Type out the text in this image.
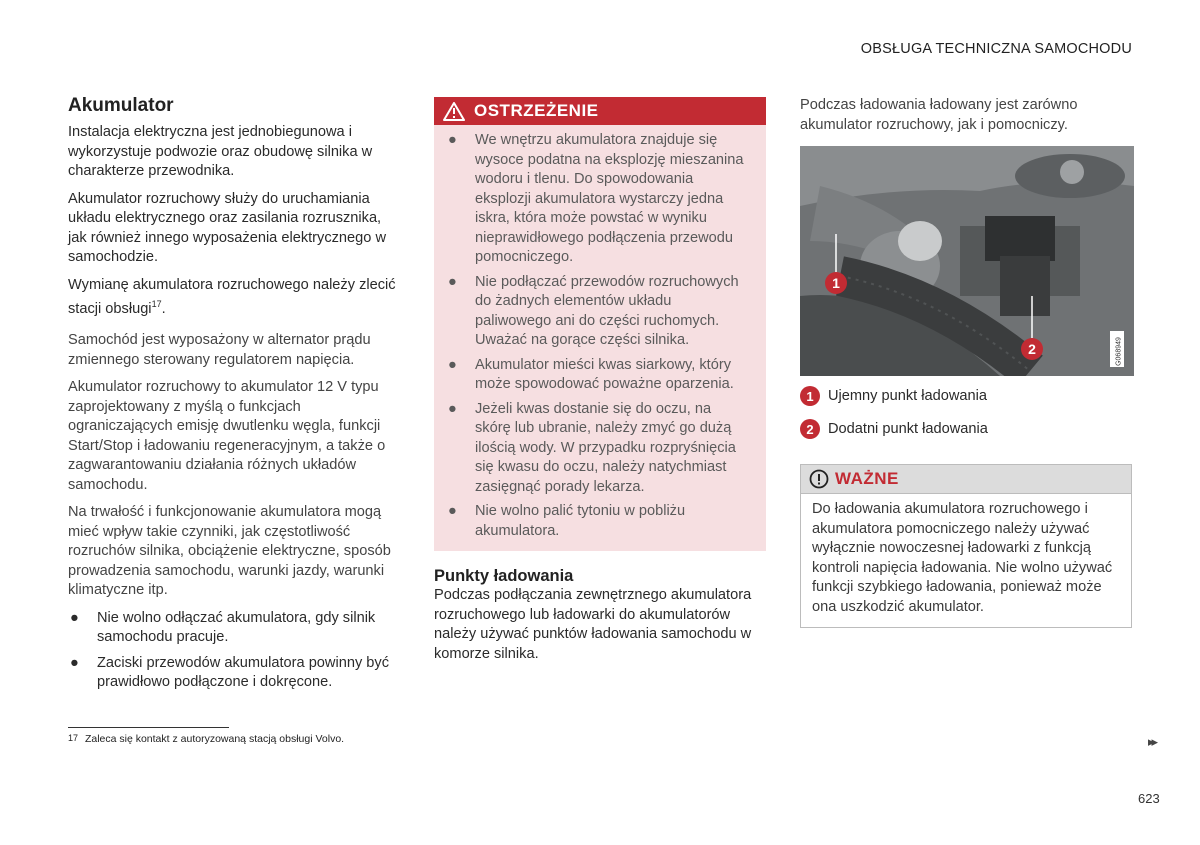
OBSŁUGA TECHNICZNA SAMOCHODU
Akumulator

Instalacja elektryczna jest jednobiegunowa i wykorzystuje podwozie oraz obudowę silnika w charakterze przewodnika.

Akumulator rozruchowy służy do uruchamiania układu elektrycznego oraz zasilania rozrusznika, jak również innego wyposażenia elektrycznego w samochodzie.

Wymianę akumulatora rozruchowego należy zlecić stacji obsługi$^{17}$.

Samochód jest wyposażony w alternator prądu zmiennego sterowany regulatorem napięcia.

Akumulator rozruchowy to akumulator 12 V typu zaprojektowany z myślą o funkcjach ograniczających emisję dwutlenku węgla, funkcji Start/Stop i ładowaniu regeneracyjnym, a także o zagwarantowaniu działania różnych układów samochodu.

Na trwałość i funkcjonowanie akumulatora mogą mieć wpływ takie czynniki, jak częstotliwość rozruchów silnika, obciążenie elektryczne, sposób prowadzenia samochodu, warunki jazdy, warunki klimatyczne itp.

● Nie wolno odłączać akumulatora, gdy silnik samochodu pracuje.
● Zaciski przewodów akumulatora powinny być prawidłowo podłączone i dokręcone.
OSTRZEŻENIE
● We wnętrzu akumulatora znajduje się wysoce podatna na eksplozję mieszanina wodoru i tlenu. Do spowodowania eksplozji akumulatora wystarczy jedna iskra, która może powstać w wyniku nieprawidłowego podłączenia przewodu pomocniczego.
● Nie podłączać przewodów rozruchowych do żadnych elementów układu paliwowego ani do części ruchomych. Uważać na gorące części silnika.
● Akumulator mieści kwas siarkowy, który może spowodować poważne oparzenia.
● Jeżeli kwas dostanie się do oczu, na skórę lub ubranie, należy zmyć go dużą ilością wody. W przypadku rozpryśnięcia się kwasu do oczu, należy natychmiast zasięgnąć porady lekarza.
● Nie wolno palić tytoniu w pobliżu akumulatora.
Punkty ładowania

Podczas podłączania zewnętrznego akumulatora rozruchowego lub ładowarki do akumulatorów należy używać punktów ładowania samochodu w komorze silnika.

Podczas ładowania ładowany jest zarówno akumulator rozruchowy, jak i pomocniczy.

1
2	G068949
1 Ujemny punkt ładowania
2 Dodatni punkt ładowania
WAŻNE

Do ładowania akumulatora rozruchowego i akumulatora pomocniczego należy używać wyłącznie nowoczesnej ładowarki z funkcją kontroli napięcia ładowania. Nie wolno używać funkcji szybkiego ładowania, ponieważ może ona uszkodzić akumulator.

17 Zaleca się kontakt z autoryzowaną stacją obsługi Volvo.	▸▸
623
